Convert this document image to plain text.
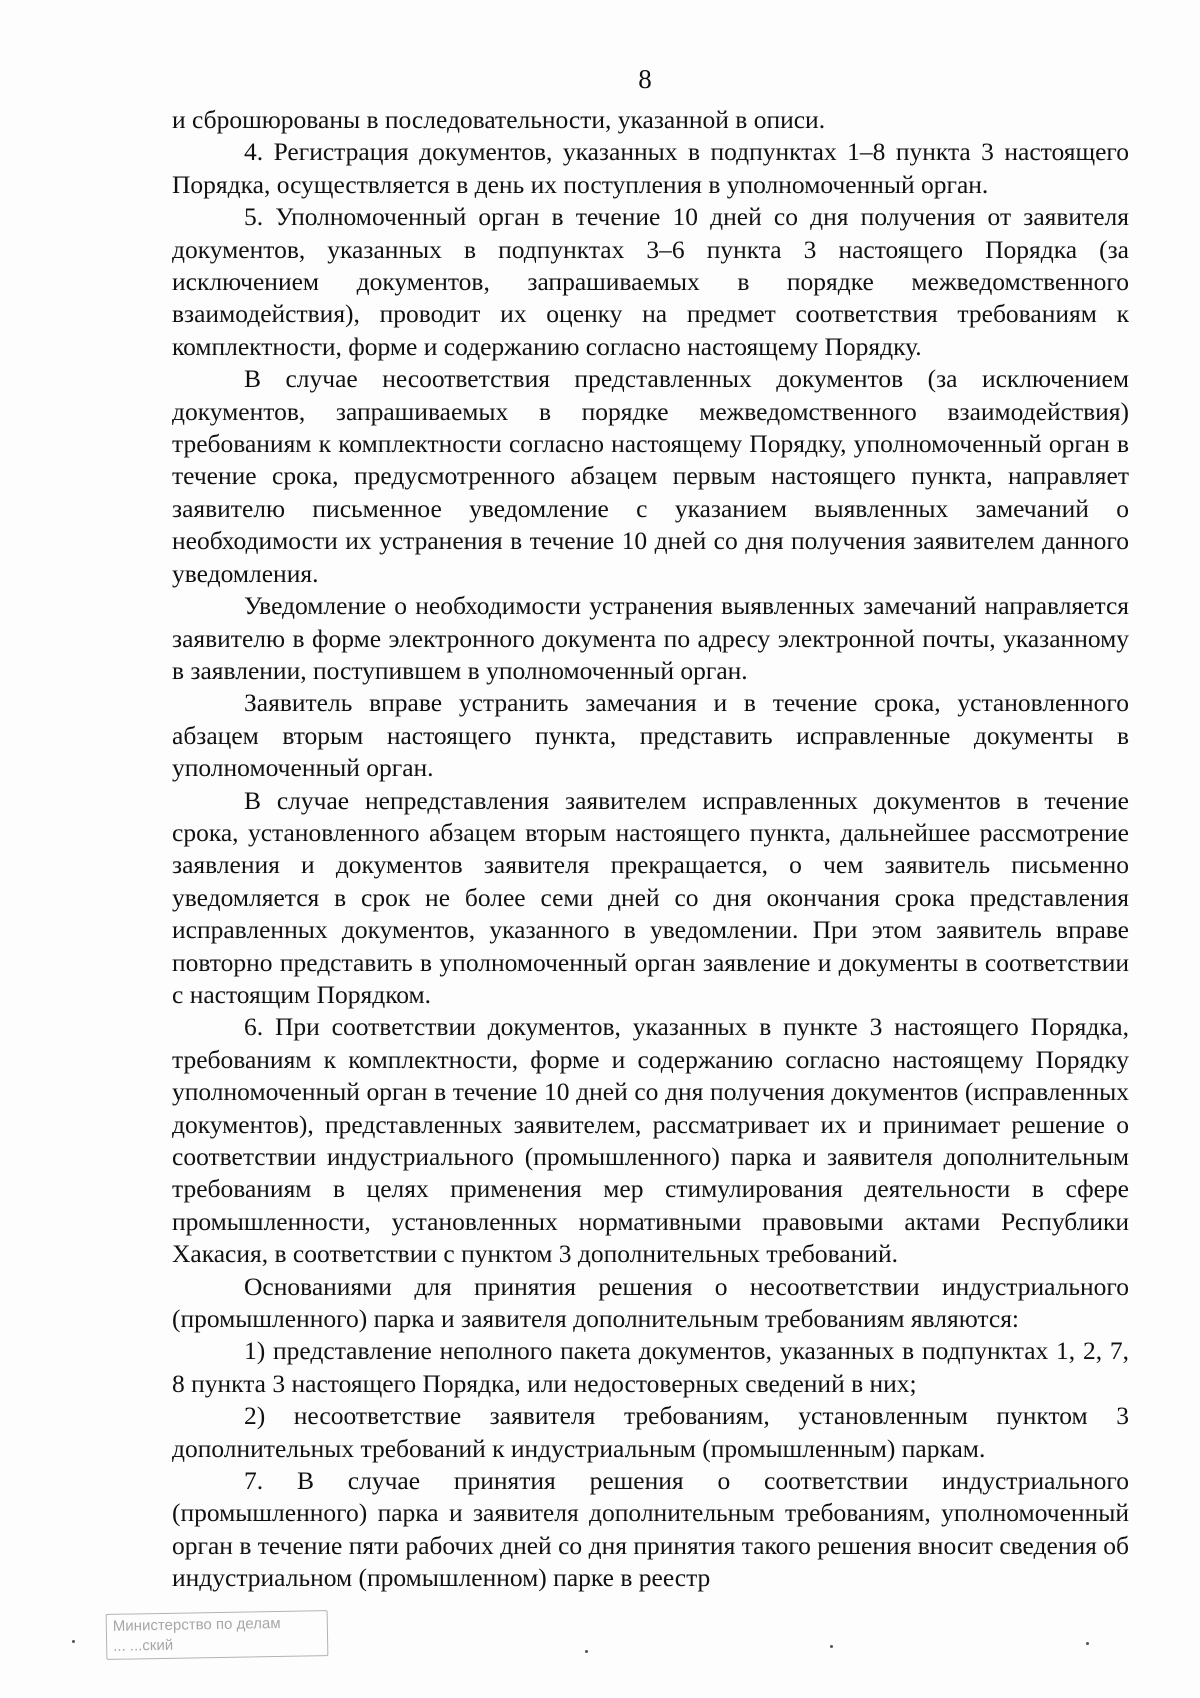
8

и сброшюрованы в последовательности, указанной в описи.

4. Регистрация документов, указанных в подпунктах 1–8 пункта 3 настоящего Порядка, осуществляется в день их поступления в уполномоченный орган.

5. Уполномоченный орган в течение 10 дней со дня получения от заявителя документов, указанных в подпунктах 3–6 пункта 3 настоящего Порядка (за исключением документов, запрашиваемых в порядке межведомственного взаимодействия), проводит их оценку на предмет соответствия требованиям к комплектности, форме и содержанию согласно настоящему Порядку.

В случае несоответствия представленных документов (за исключением документов, запрашиваемых в порядке межведомственного взаимодействия) требованиям к комплектности согласно настоящему Порядку, уполномоченный орган в течение срока, предусмотренного абзацем первым настоящего пункта, направляет заявителю письменное уведомление с указанием выявленных замечаний о необходимости их устранения в течение 10 дней со дня получения заявителем данного уведомления.

Уведомление о необходимости устранения выявленных замечаний направляется заявителю в форме электронного документа по адресу электронной почты, указанному в заявлении, поступившем в уполномоченный орган.

Заявитель вправе устранить замечания и в течение срока, установленного абзацем вторым настоящего пункта, представить исправленные документы в уполномоченный орган.

В случае непредставления заявителем исправленных документов в течение срока, установленного абзацем вторым настоящего пункта, дальнейшее рассмотрение заявления и документов заявителя прекращается, о чем заявитель письменно уведомляется в срок не более семи дней со дня окончания срока представления исправленных документов, указанного в уведомлении. При этом заявитель вправе повторно представить в уполномоченный орган заявление и документы в соответствии с настоящим Порядком.

6. При соответствии документов, указанных в пункте 3 настоящего Порядка, требованиям к комплектности, форме и содержанию согласно настоящему Порядку уполномоченный орган в течение 10 дней со дня получения документов (исправленных документов), представленных заявителем, рассматривает их и принимает решение о соответствии индустриального (промышленного) парка и заявителя дополнительным требованиям в целях применения мер стимулирования деятельности в сфере промышленности, установленных нормативными правовыми актами Республики Хакасия, в соответствии с пунктом 3 дополнительных требований.

Основаниями для принятия решения о несоответствии индустриального (промышленного) парка и заявителя дополнительным требованиям являются:

1) представление неполного пакета документов, указанных в подпунктах 1, 2, 7, 8 пункта 3 настоящего Порядка, или недостоверных сведений в них;

2) несоответствие заявителя требованиям, установленным пунктом 3 дополнительных требований к индустриальным (промышленным) паркам.

7. В случае принятия решения о соответствии индустриального (промышленного) парка и заявителя дополнительным требованиям, уполномоченный орган в течение пяти рабочих дней со дня принятия такого решения вносит сведения об индустриальном (промышленном) парке в реестр

Министерство по делам
... ...ский
